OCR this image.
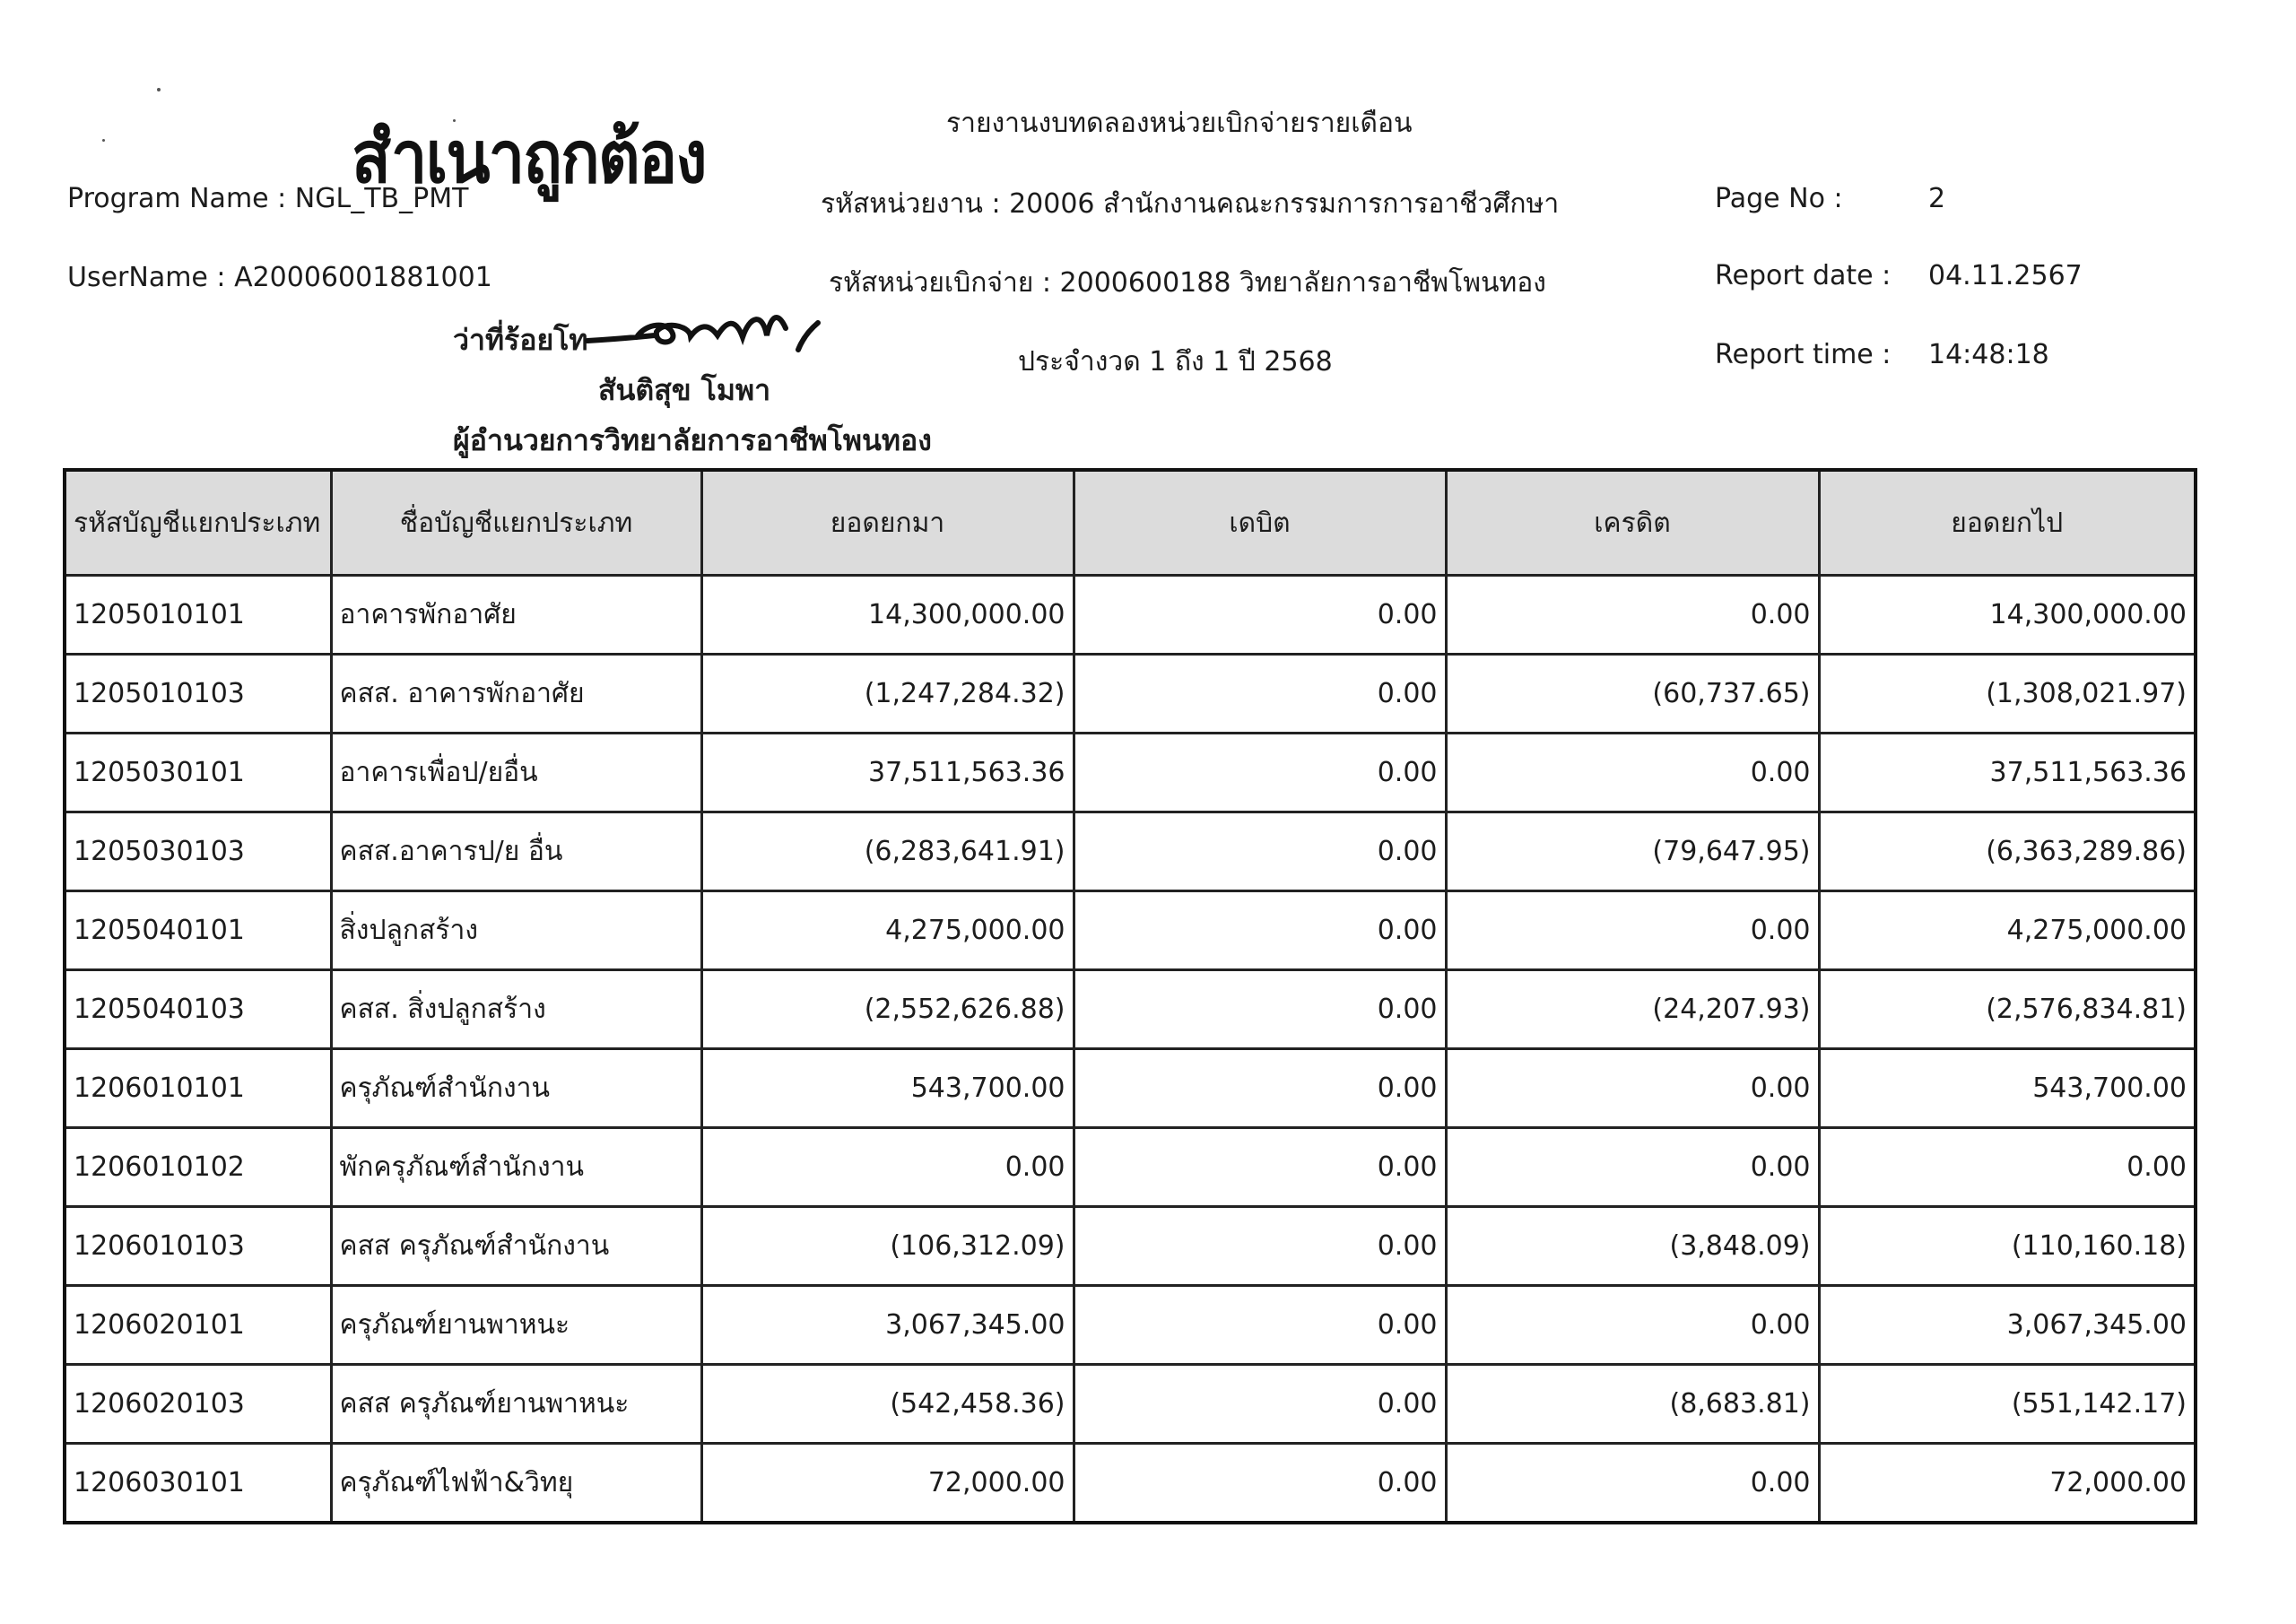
สำเนาถูกต้อง	รายงานงบทดลองหน่วยเบิกจ่ายรายเดือน
Program Name : NGL_TB_PMT
UserName : A20006001881001
รหัสหน่วยงาน : 20006 สำนักงานคณะกรรมการการอาชีวศึกษา
รหัสหน่วยเบิกจ่าย : 2000600188 วิทยาลัยการอาชีพโพนทอง
ประจำงวด 1 ถึง 1 ปี 2568
Page No :	2
Report date : 04.11.2567
Report time : 14:48:18
ว่าที่ร้อยโท
สันติสุข โมพา
ผู้อำนวยการวิทยาลัยการอาชีพโพนทอง
รหัสบัญชีแยกประเภท	ชื่อบัญชีแยกประเภท	ยอดยกมา	เดบิต	เครดิต	ยอดยกไป
1205010101	อาคารพักอาศัย	14,300,000.00	0.00	0.00	14,300,000.00
1205010103	คสส. อาคารพักอาศัย	(1,247,284.32)	0.00	(60,737.65)	(1,308,021.97)
1205030101	อาคารเพื่อป/ยอื่น	37,511,563.36	0.00	0.00	37,511,563.36
1205030103	คสส.อาคารป/ย อื่น	(6,283,641.91)	0.00	(79,647.95)	(6,363,289.86)
1205040101	สิ่งปลูกสร้าง	4,275,000.00	0.00	0.00	4,275,000.00
1205040103	คสส. สิ่งปลูกสร้าง	(2,552,626.88)	0.00	(24,207.93)	(2,576,834.81)
1206010101	ครุภัณฑ์สำนักงาน	543,700.00	0.00	0.00	543,700.00
1206010102	พักครุภัณฑ์สำนักงาน	0.00	0.00	0.00	0.00
1206010103	คสส ครุภัณฑ์สำนักงาน	(106,312.09)	0.00	(3,848.09)	(110,160.18)
1206020101	ครุภัณฑ์ยานพาหนะ	3,067,345.00	0.00	0.00	3,067,345.00
1206020103	คสส ครุภัณฑ์ยานพาหนะ	(542,458.36)	0.00	(8,683.81)	(551,142.17)
1206030101	ครุภัณฑ์ไฟฟ้า&วิทยุ	72,000.00	0.00	0.00	72,000.00
